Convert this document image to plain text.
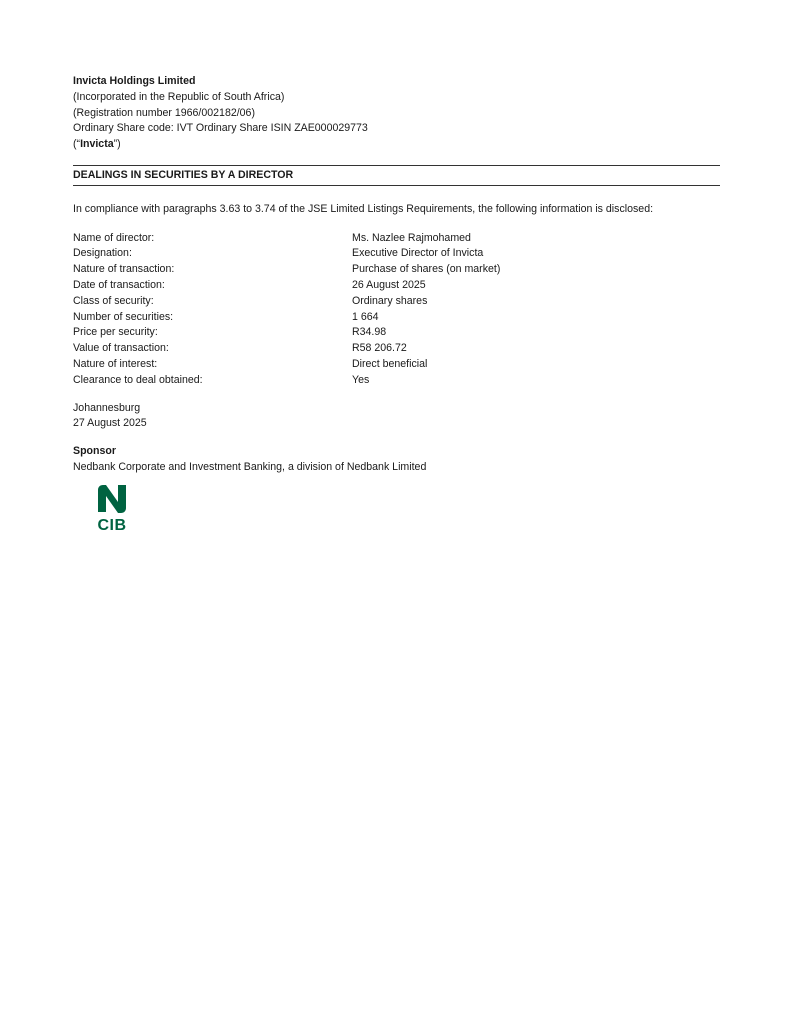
Invicta Holdings Limited
(Incorporated in the Republic of South Africa)
(Registration number 1966/002182/06)
Ordinary Share code: IVT Ordinary Share ISIN ZAE000029773
(“Invicta”)
DEALINGS IN SECURITIES BY A DIRECTOR
In compliance with paragraphs 3.63 to 3.74 of the JSE Limited Listings Requirements, the following information is disclosed:
Name of director:	Ms. Nazlee Rajmohamed
Designation:	Executive Director of Invicta
Nature of transaction:	Purchase of shares (on market)
Date of transaction:	26 August 2025
Class of security:	Ordinary shares
Number of securities:	1 664
Price per security:	R34.98
Value of transaction:	R58 206.72
Nature of interest:	Direct beneficial
Clearance to deal obtained:	Yes
Johannesburg
27 August 2025
Sponsor
Nedbank Corporate and Investment Banking, a division of Nedbank Limited
CIB
